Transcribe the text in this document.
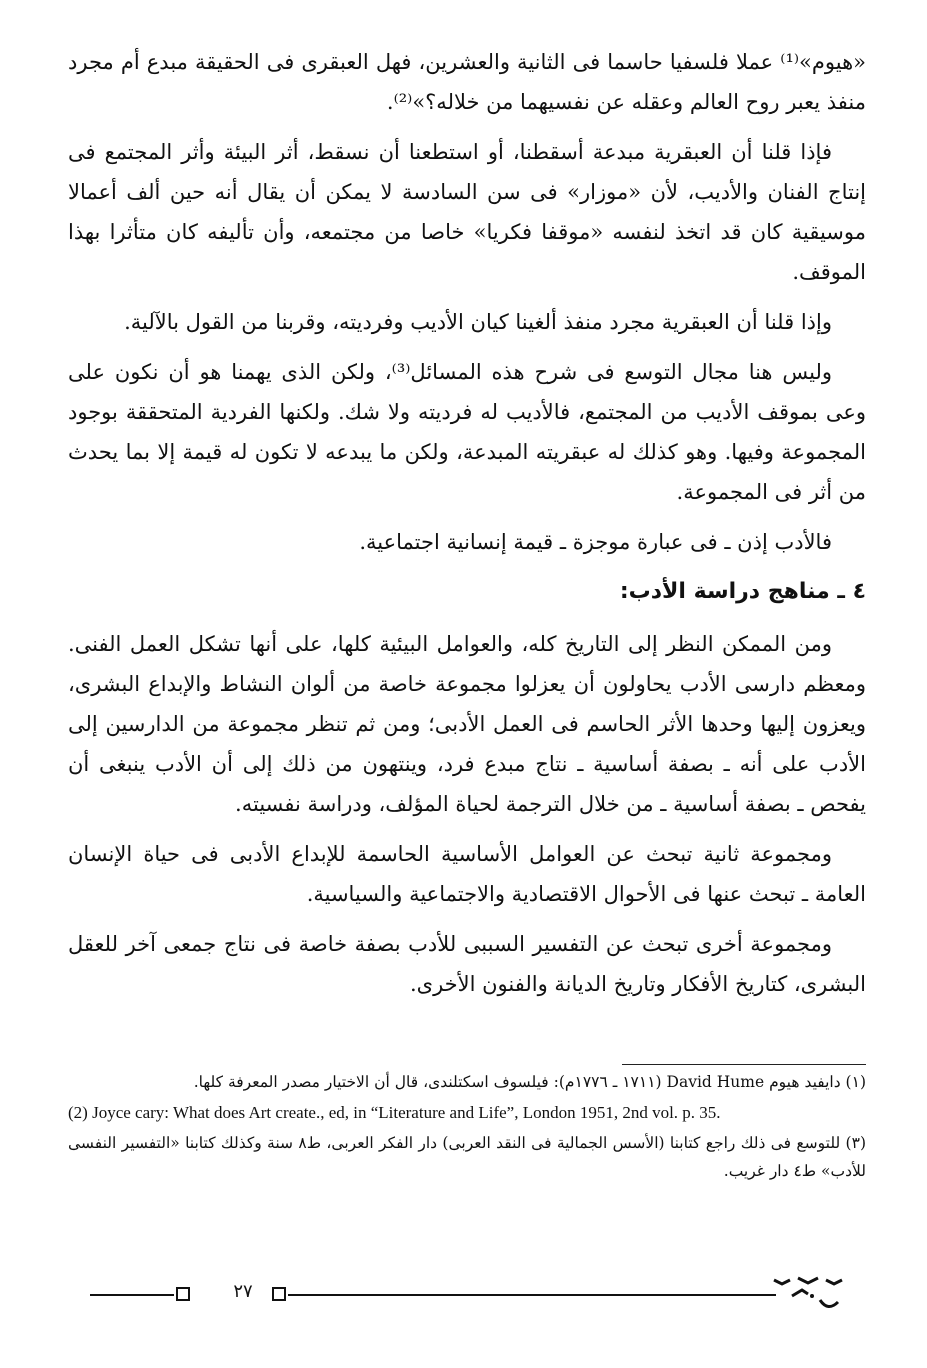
«هيوم»⁽¹⁾ عملا فلسفيا حاسما فى الثانية والعشرين، فهل العبقرى فى الحقيقة مبدع أم مجرد منفذ يعبر روح العالم وعقله عن نفسيهما من خلاله؟»⁽²⁾.

فإذا قلنا أن العبقرية مبدعة أسقطنا، أو استطعنا أن نسقط، أثر البيئة وأثر المجتمع فى إنتاج الفنان والأديب، لأن «موزار» فى سن السادسة لا يمكن أن يقال أنه حين ألف أعمالا موسيقية كان قد اتخذ لنفسه «موقفا فكريا» خاصا من مجتمعه، وأن تأليفه كان متأثرا بهذا الموقف.

وإذا قلنا أن العبقرية مجرد منفذ ألغينا كيان الأديب وفرديته، وقربنا من القول بالآلية.

وليس هنا مجال التوسع فى شرح هذه المسائل⁽³⁾، ولكن الذى يهمنا هو أن نكون على وعى بموقف الأديب من المجتمع، فالأديب له فرديته ولا شك. ولكنها الفردية المتحققة بوجود المجموعة وفيها. وهو كذلك له عبقريته المبدعة، ولكن ما يبدعه لا تكون له قيمة إلا بما يحدث من أثر فى المجموعة.

فالأدب إذن ـ فى عبارة موجزة ـ قيمة إنسانية اجتماعية.

٤ ـ مناهج دراسة الأدب:

ومن الممكن النظر إلى التاريخ كله، والعوامل البيئية كلها، على أنها تشكل العمل الفنى. ومعظم دارسى الأدب يحاولون أن يعزلوا مجموعة خاصة من ألوان النشاط والإبداع البشرى، ويعزون إليها وحدها الأثر الحاسم فى العمل الأدبى؛ ومن ثم تنظر مجموعة من الدارسين إلى الأدب على أنه ـ بصفة أساسية ـ نتاج مبدع فرد، وينتهون من ذلك إلى أن الأدب ينبغى أن يفحص ـ بصفة أساسية ـ من خلال الترجمة لحياة المؤلف، ودراسة نفسيته.

ومجموعة ثانية تبحث عن العوامل الأساسية الحاسمة للإبداع الأدبى فى حياة الإنسان العامة ـ تبحث عنها فى الأحوال الاقتصادية والاجتماعية والسياسية.

ومجموعة أخرى تبحث عن التفسير السببى للأدب بصفة خاصة فى نتاج جمعى آخر للعقل البشرى، كتاريخ الأفكار وتاريخ الديانة والفنون الأخرى.

(١) دايفيد هيوم David Hume (١٧١١ ـ ١٧٧٦م): فيلسوف اسكتلندى، قال أن الاختيار مصدر المعرفة كلها.

(2) Joyce cary: What does Art create., ed, in “Literature and Life”, London 1951, 2nd vol. p. 35.

(٣) للتوسع فى ذلك راجع كتابنا (الأسس الجمالية فى النقد العربى) دار الفكر العربى، ط٨ سنة وكذلك كتابنا «التفسير النفسى للأدب» ط٤ دار غريب.

٢٧
